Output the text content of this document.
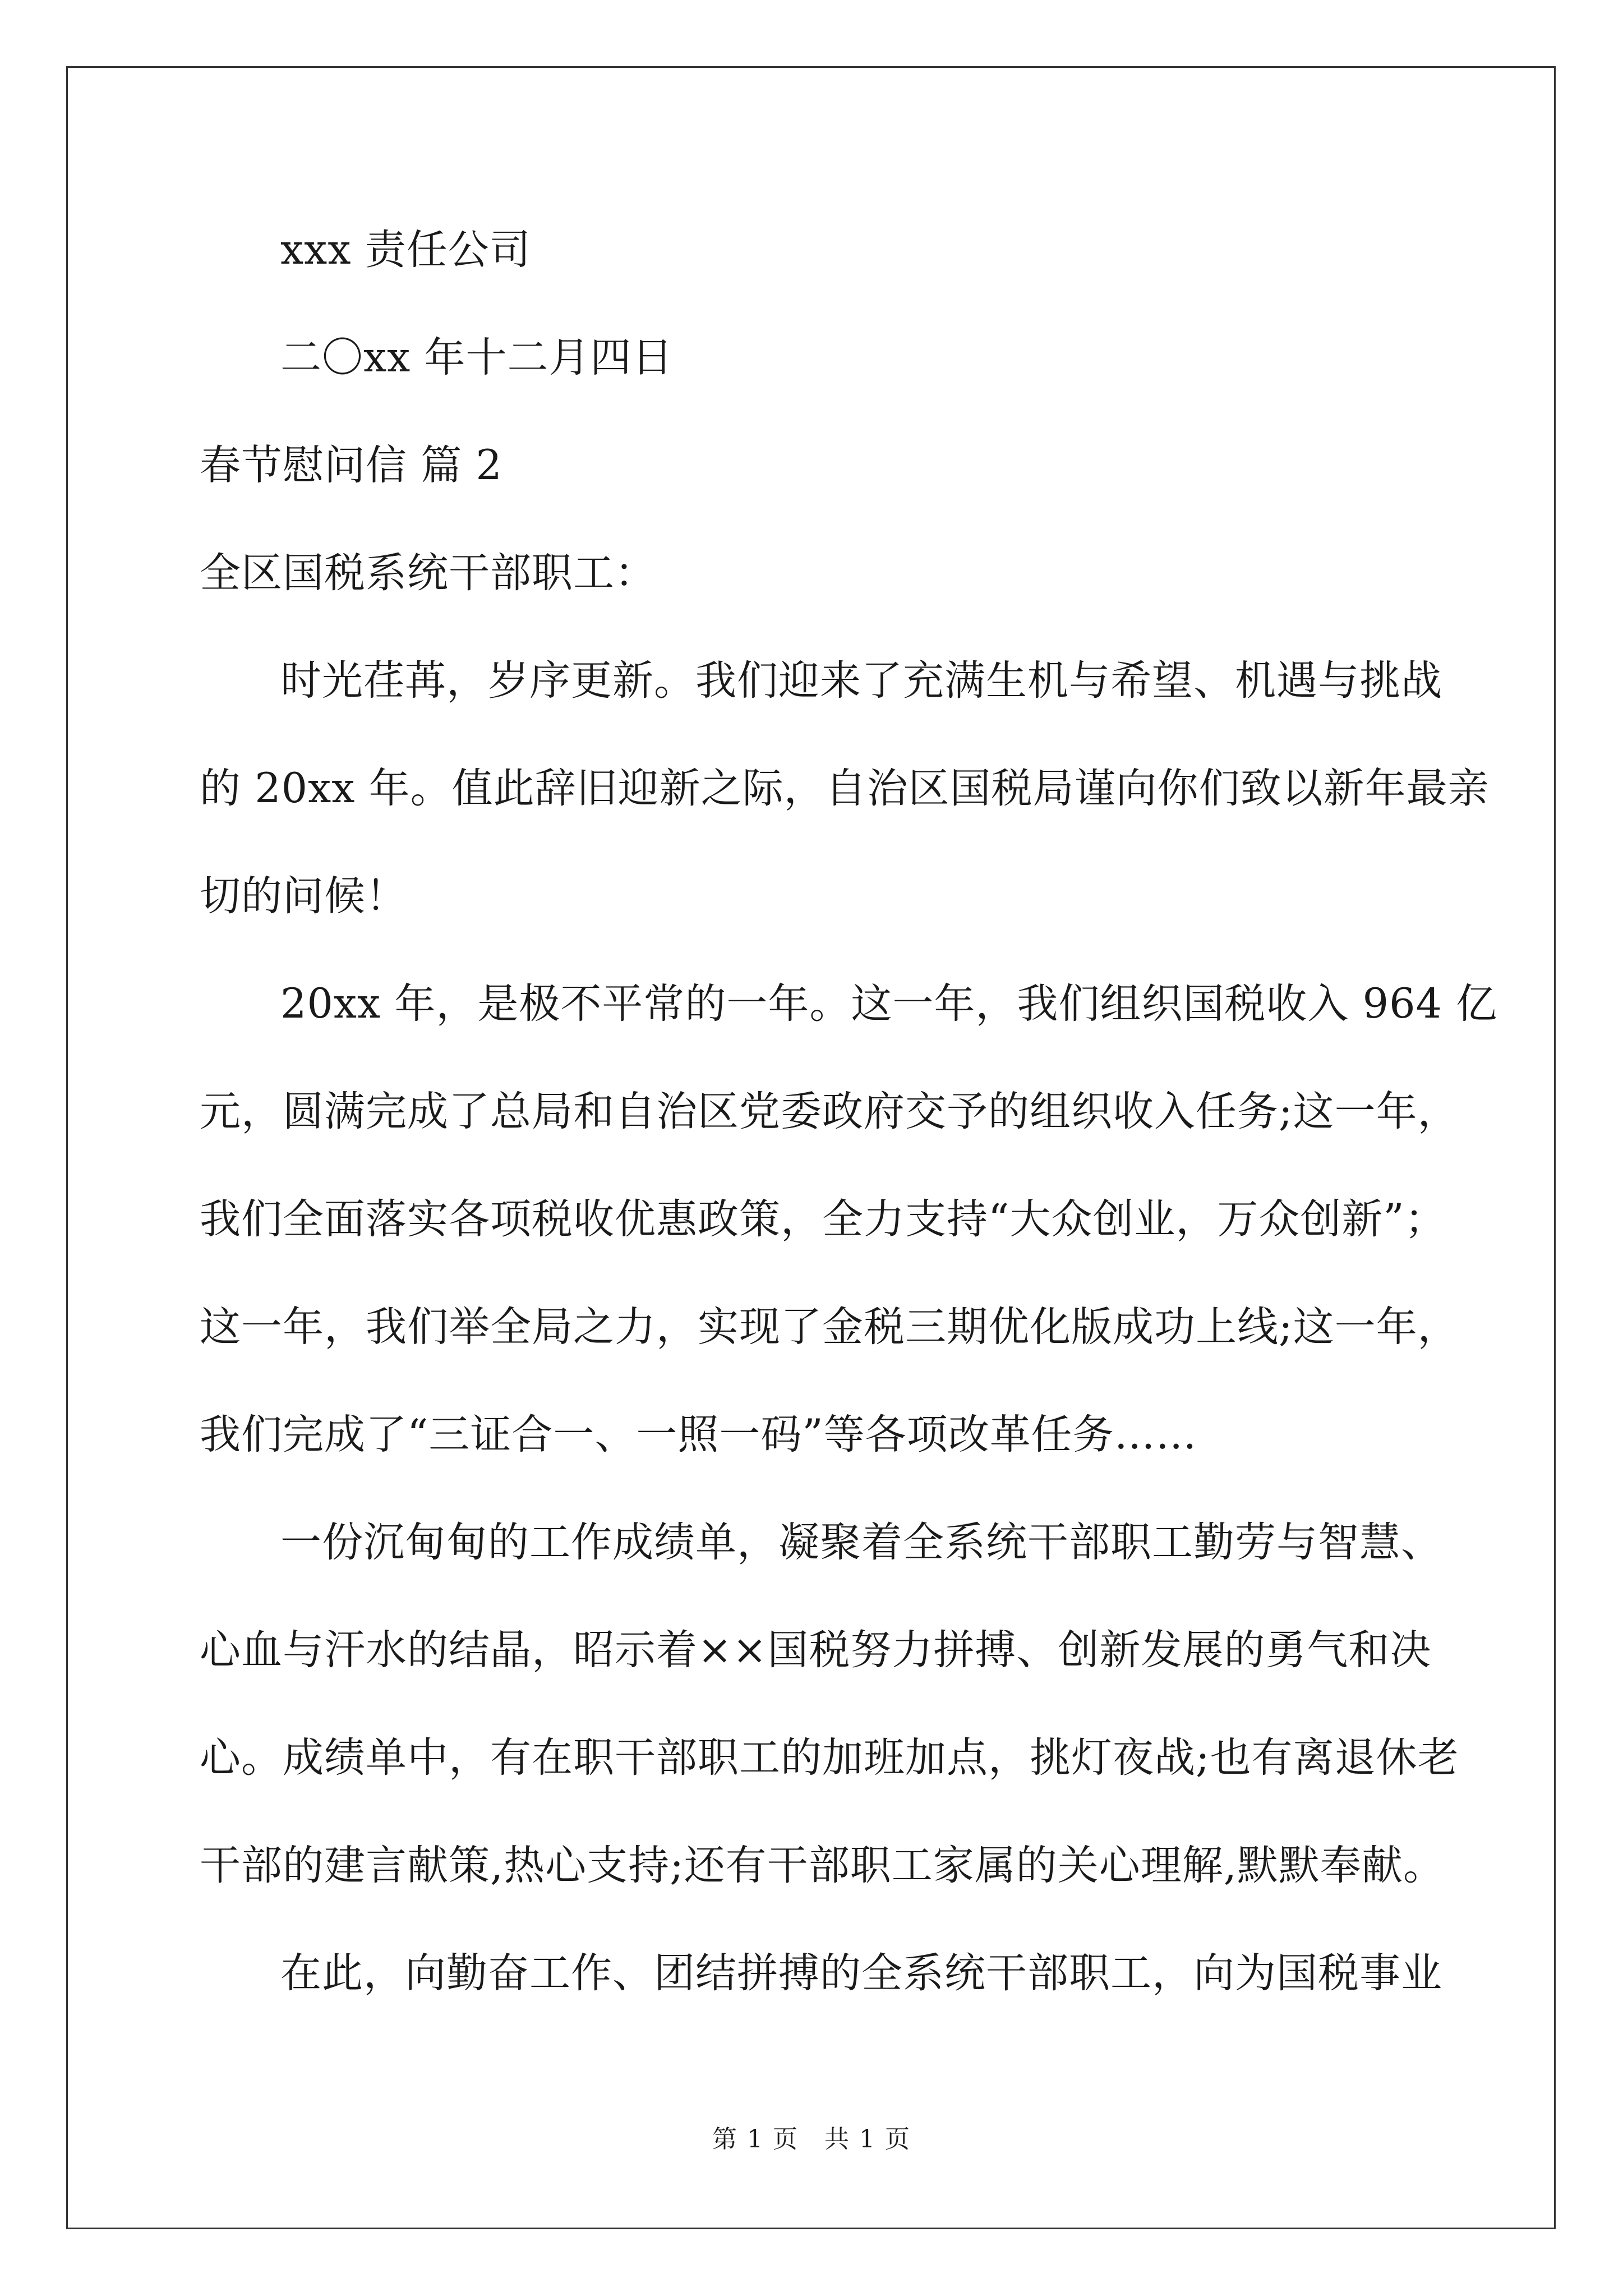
xxx 责任公司
二〇xx 年十二月四日
春节慰问信 篇 2
全区国税系统干部职工：
时光荏苒，岁序更新。我们迎来了充满生机与希望、机遇与挑战
的 20xx 年。值此辞旧迎新之际，自治区国税局谨向你们致以新年最亲
切的问候！
20xx 年，是极不平常的一年。这一年，我们组织国税收入 964 亿
元，圆满完成了总局和自治区党委政府交予的组织收入任务;这一年，
我们全面落实各项税收优惠政策，全力支持“大众创业，万众创新”；
这一年，我们举全局之力，实现了金税三期优化版成功上线;这一年，
我们完成了“三证合一、一照一码”等各项改革任务……
一份沉甸甸的工作成绩单，凝聚着全系统干部职工勤劳与智慧、
心血与汗水的结晶，昭示着××国税努力拼搏、创新发展的勇气和决
心。成绩单中，有在职干部职工的加班加点，挑灯夜战;也有离退休老
干部的建言献策,热心支持;还有干部职工家属的关心理解,默默奉献。
在此，向勤奋工作、团结拼搏的全系统干部职工，向为国税事业
第 1 页　共 1 页
